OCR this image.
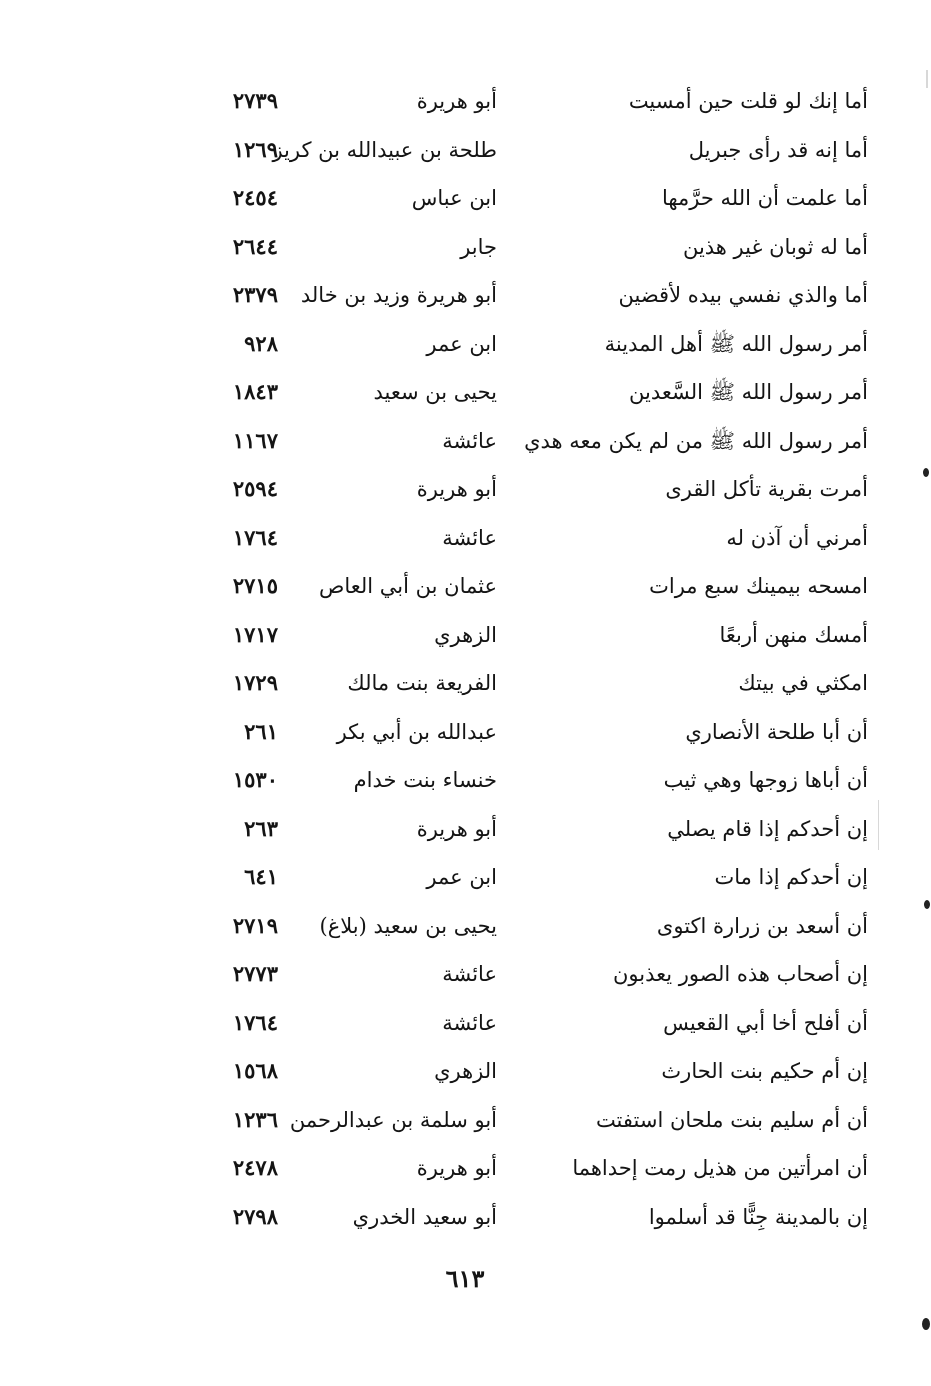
أما إنك لو قلت حين أمسيت
أبو هريرة
٢٧٣٩
أما إنه قد رأى جبريل
طلحة بن عبيدالله بن كريز
١٢٦٩
أما علمت أن الله حرَّمها
ابن عباس
٢٤٥٤
أما له ثوبان غير هذين
جابر
٢٦٤٤
أما والذي نفسي بيده لأقضين
أبو هريرة وزيد بن خالد
٢٣٧٩
أمر رسول الله ﷺ أهل المدينة
ابن عمر
٩٢٨
أمر رسول الله ﷺ السَّعدين
يحيى بن سعيد
١٨٤٣
أمر رسول الله ﷺ من لم يكن معه هدي
عائشة
١١٦٧
أمرت بقرية تأكل القرى
أبو هريرة
٢٥٩٤
أمرني أن آذن له
عائشة
١٧٦٤
امسحه بيمينك سبع مرات
عثمان بن أبي العاص
٢٧١٥
أمسك منهن أربعًا
الزهري
١٧١٧
امكثي في بيتك
الفريعة بنت مالك
١٧٢٩
أن أبا طلحة الأنصاري
عبدالله بن أبي بكر
٢٦١
أن أباها زوجها وهي ثيب
خنساء بنت خدام
١٥٣٠
إن أحدكم إذا قام يصلي
أبو هريرة
٢٦٣
إن أحدكم إذا مات
ابن عمر
٦٤١
أن أسعد بن زرارة اكتوى
يحيى بن سعيد (بلاغ)
٢٧١٩
إن أصحاب هذه الصور يعذبون
عائشة
٢٧٧٣
أن أفلح أخا أبي القعيس
عائشة
١٧٦٤
إن أم حكيم بنت الحارث
الزهري
١٥٦٨
أن أم سليم بنت ملحان استفتت
أبو سلمة بن عبدالرحمن
١٢٣٦
أن امرأتين من هذيل رمت إحداهما
أبو هريرة
٢٤٧٨
إن بالمدينة جِنًّا قد أسلموا
أبو سعيد الخدري
٢٧٩٨
٦١٣
